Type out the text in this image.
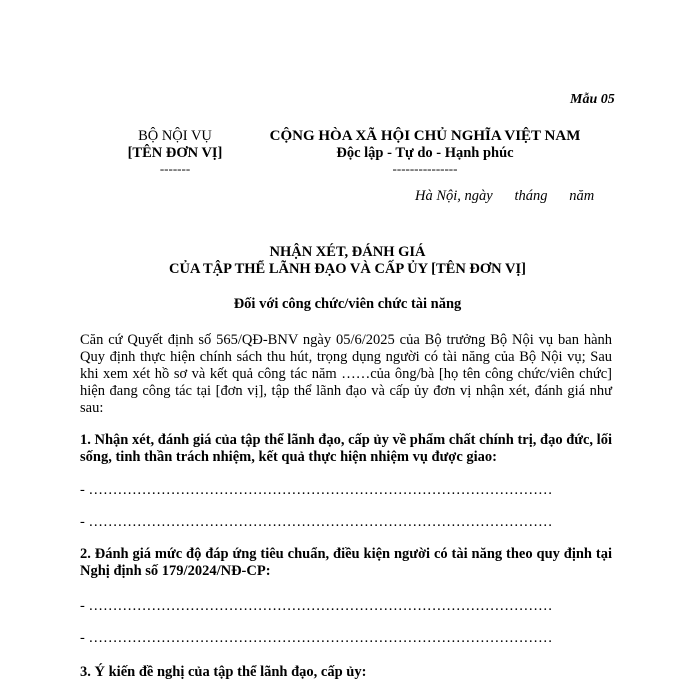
Mẫu 05
BỘ NỘI VỤ
[TÊN ĐƠN VỊ]
-------
CỘNG HÒA XÃ HỘI CHỦ NGHĨA VIỆT NAM
Độc lập - Tự do - Hạnh phúc
---------------
Hà Nội, ngày      tháng      năm
NHẬN XÉT, ĐÁNH GIÁ
CỦA TẬP THỂ LÃNH ĐẠO VÀ CẤP ỦY [TÊN ĐƠN VỊ]
Đối với công chức/viên chức tài năng
Căn cứ Quyết định số 565/QĐ-BNV ngày 05/6/2025 của Bộ trưởng Bộ Nội vụ ban hành Quy định thực hiện chính sách thu hút, trọng dụng người có tài năng của Bộ Nội vụ; Sau khi xem xét hồ sơ và kết quả công tác năm ……của ông/bà [họ tên công chức/viên chức] hiện đang công tác tại [đơn vị], tập thể lãnh đạo và cấp ủy đơn vị nhận xét, đánh giá như sau:
1. Nhận xét, đánh giá của tập thể lãnh đạo, cấp ủy về phẩm chất chính trị, đạo đức, lối sống, tinh thần trách nhiệm, kết quả thực hiện nhiệm vụ được giao:
- ……………………………………………………………………………………
- ……………………………………………………………………………………
2. Đánh giá mức độ đáp ứng tiêu chuẩn, điều kiện người có tài năng theo quy định tại Nghị định số 179/2024/NĐ-CP:
- ……………………………………………………………………………………
- ……………………………………………………………………………………
3. Ý kiến đề nghị của tập thể lãnh đạo, cấp ủy:
